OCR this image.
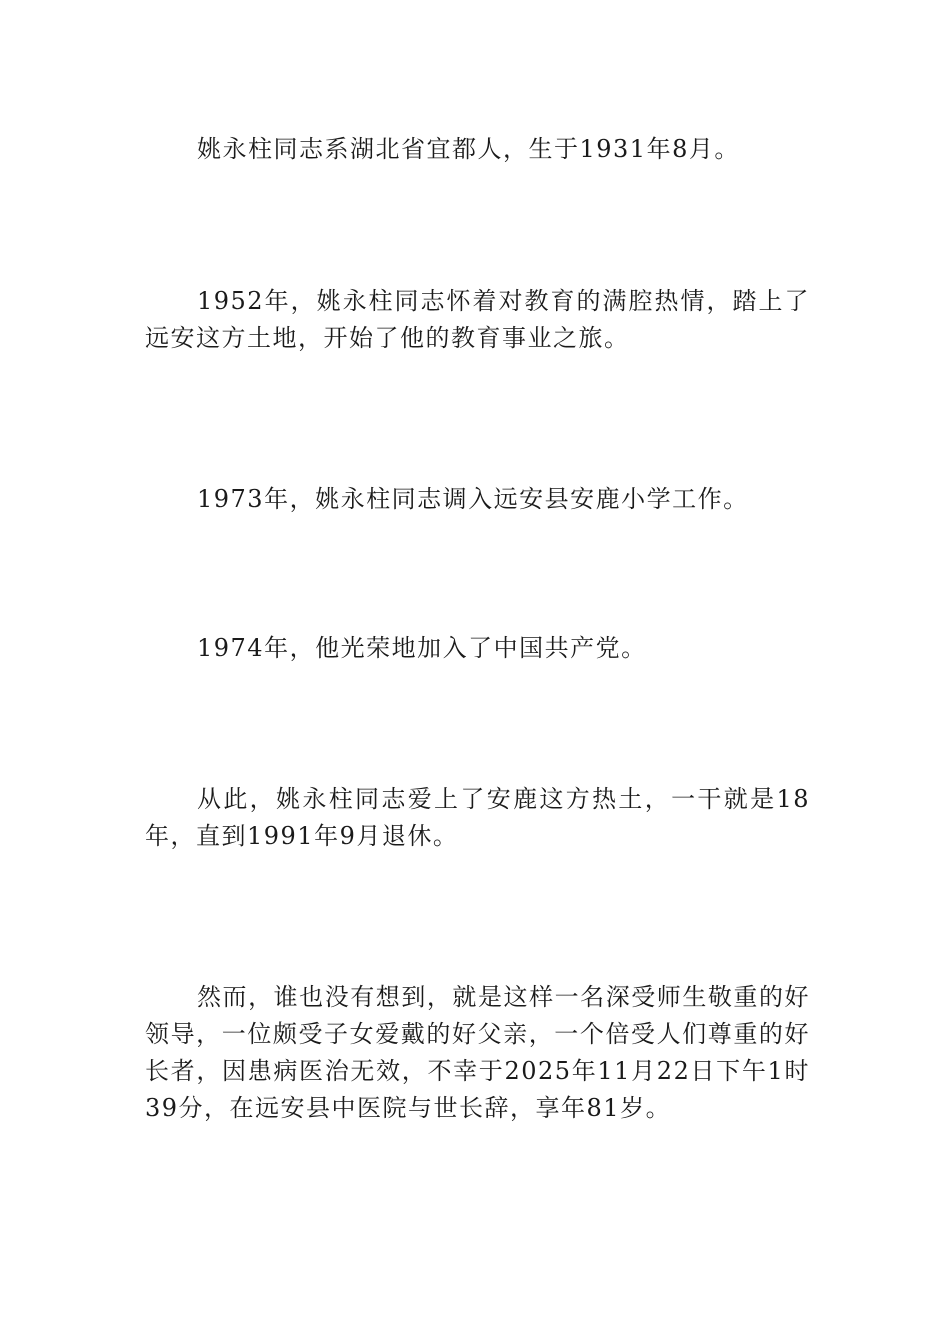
姚永柱同志系湖北省宜都人，生于1931年8月。

1952年，姚永柱同志怀着对教育的满腔热情，踏上了远安这方土地，开始了他的教育事业之旅。

1973年，姚永柱同志调入远安县安鹿小学工作。

1974年，他光荣地加入了中国共产党。

从此，姚永柱同志爱上了安鹿这方热土，一干就是18年，直到1991年9月退休。

然而，谁也没有想到，就是这样一名深受师生敬重的好领导，一位颇受子女爱戴的好父亲，一个倍受人们尊重的好长者，因患病医治无效，不幸于2025年11月22日下午1时39分，在远安县中医院与世长辞，享年81岁。
